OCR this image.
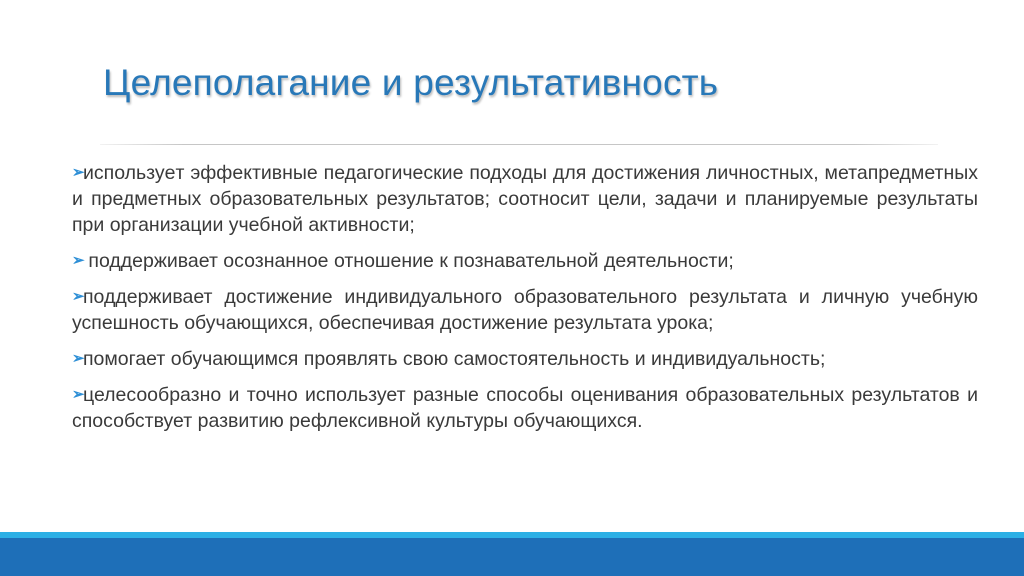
Целеполагание и результативность
➢используeт эффективные педагогические подходы для достижения личностных, метапредметных и предметных образовательных результатов; соотносит цели, задачи и планируемые результаты при организации учебной активности;
➢ поддерживает осознанное отношение к познавательной деятельности;
➢поддерживает достижение индивидуального образовательного результата и личную учебную успешность обучающихся, обеспечивая достижение результата урока;
➢помогает обучающимся проявлять свою самостоятельность и индивидуальность;
➢целесообразно и точно использует разные способы оценивания образовательных результатов и способствует развитию рефлексивной культуры обучающихся.
